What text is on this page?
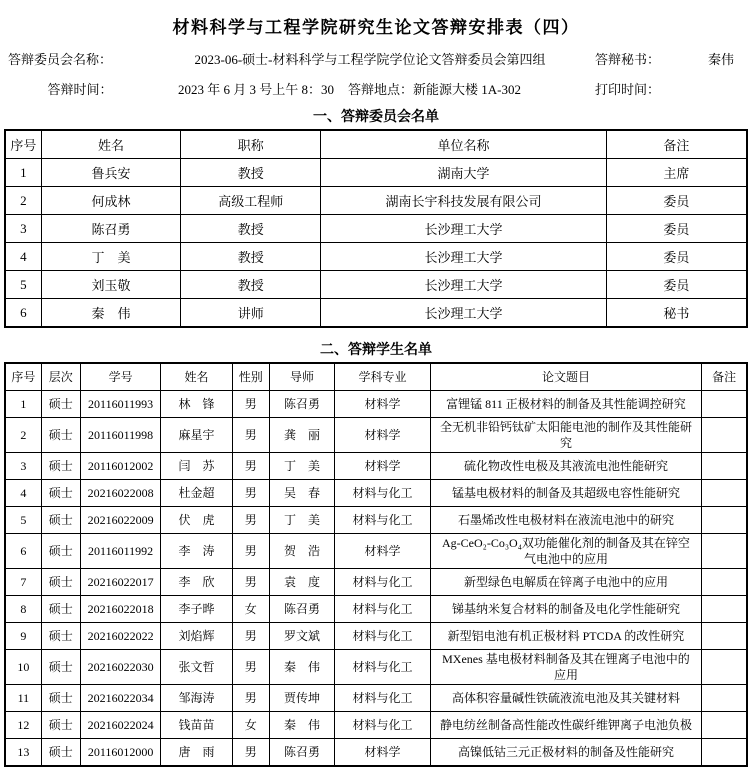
材料科学与工程学院研究生论文答辩安排表（四）
答辩委员会名称：	2023-06-硕士-材料科学与工程学院学位论文答辩委员会第四组	答辩秘书：	秦伟
答辩时间：	2023 年 6 月 3 号上午 8：30 答辩地点：新能源大楼 1A-302	打印时间：
一、答辩委员会名单
序号	姓名	职称	单位名称	备注
1	鲁兵安	教授	湖南大学	主席
2	何成林	高级工程师	湖南长宇科技发展有限公司	委员
3	陈召勇	教授	长沙理工大学	委员
4	丁　美	教授	长沙理工大学	委员
5	刘玉敬	教授	长沙理工大学	委员
6	秦　伟	讲师	长沙理工大学	秘书
二、答辩学生名单
序号	层次	学号	姓名	性别	导师	学科专业	论文题目	备注
1	硕士	20116011993	林　锋	男	陈召勇	材料学	富锂锰 811 正极材料的制备及其性能调控研究	
2	硕士	20116011998	麻星宇	男	龚　丽	材料学	全无机非铅钙钛矿太阳能电池的制作及其性能研究	
3	硕士	20116012002	闫　苏	男	丁　美	材料学	硫化物改性电极及其液流电池性能研究	
4	硕士	20216022008	杜金超	男	吴　春	材料与化工	锰基电极材料的制备及其超级电容性能研究	
5	硕士	20216022009	伏　虎	男	丁　美	材料与化工	石墨烯改性电极材料在液流电池中的研究	
6	硕士	20116011992	李　涛	男	贺　浩	材料学	Ag-CeO₂-Co₃O₄双功能催化剂的制备及其在锌空气电池中的应用	
7	硕士	20216022017	李　欣	男	袁　度	材料与化工	新型绿色电解质在锌离子电池中的应用	
8	硕士	20216022018	李子晔	女	陈召勇	材料与化工	锑基纳米复合材料的制备及电化学性能研究	
9	硕士	20216022022	刘焰辉	男	罗文斌	材料与化工	新型铝电池有机正极材料 PTCDA 的改性研究	
10	硕士	20216022030	张文哲	男	秦　伟	材料与化工	MXenes 基电极材料制备及其在锂离子电池中的应用	
11	硕士	20216022034	邹海涛	男	贾传坤	材料与化工	高体积容量碱性铁硫液流电池及其关键材料	
12	硕士	20216022024	钱苗苗	女	秦　伟	材料与化工	静电纺丝制备高性能改性碳纤维钾离子电池负极	
13	硕士	20116012000	唐　雨	男	陈召勇	材料学	高镍低钴三元正极材料的制备及性能研究	
